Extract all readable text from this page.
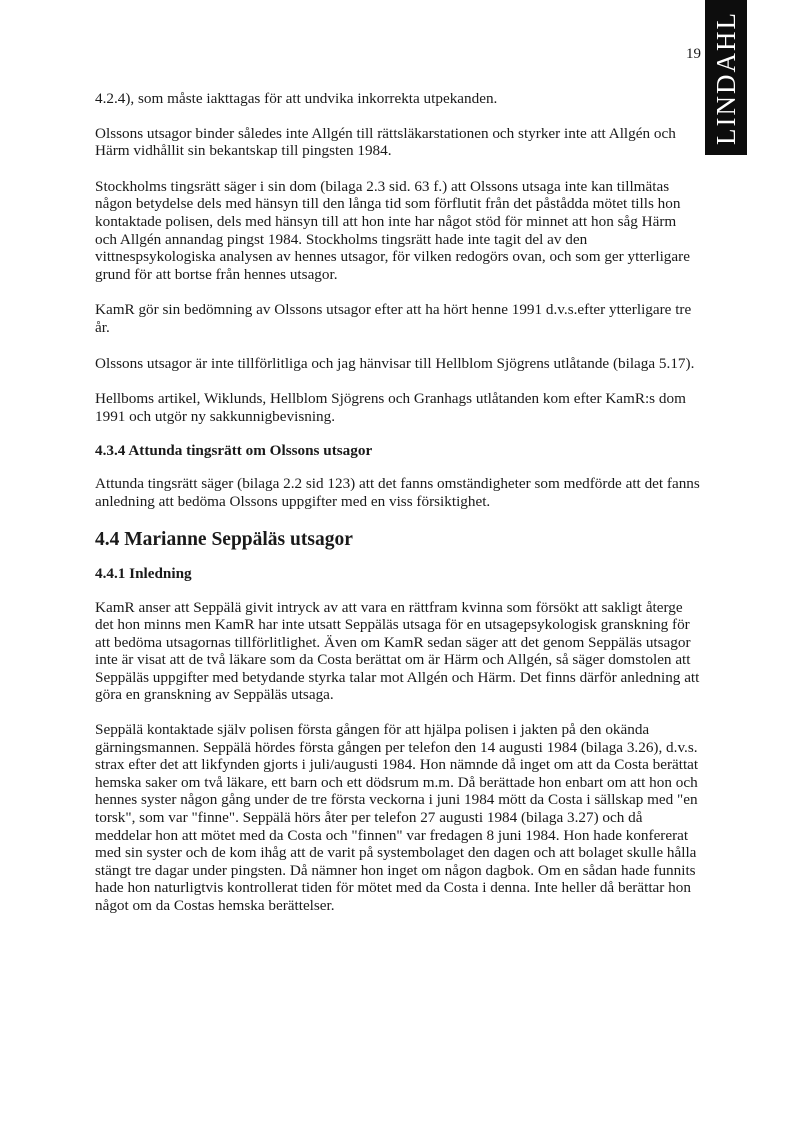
LINDAHL
19

4.2.4), som måste iakttagas för att undvika inkorrekta utpekanden.

Olssons utsagor binder således inte Allgén till rättsläkarstationen och styrker inte att Allgén och Härm vidhållit sin bekantskap till pingsten 1984.

Stockholms tingsrätt säger i sin dom (bilaga 2.3 sid. 63 f.) att Olssons utsaga inte kan tillmätas någon betydelse dels med hänsyn till den långa tid som förflutit från det påstådda mötet tills hon kontaktade polisen, dels med hänsyn till att hon inte har något stöd för minnet att hon såg Härm och Allgén annandag pingst 1984. Stockholms tingsrätt hade inte tagit del av den vittnespsykologiska analysen av hennes utsagor, för vilken redogörs ovan, och som ger ytterligare grund för att bortse från hennes utsagor.

KamR gör sin bedömning av Olssons utsagor efter att ha hört henne 1991 d.v.s.efter ytterligare tre år.

Olssons utsagor är inte tillförlitliga och jag hänvisar till Hellblom Sjögrens utlåtande (bilaga 5.17).

Hellboms artikel, Wiklunds, Hellblom Sjögrens och Granhags utlåtanden kom efter KamR:s dom 1991 och utgör ny sakkunnigbevisning.

4.3.4 Attunda tingsrätt om Olssons utsagor

Attunda tingsrätt säger (bilaga 2.2 sid 123) att det fanns omständigheter som medförde att det fanns anledning att bedöma Olssons uppgifter med en viss försiktighet.

4.4 Marianne Seppäläs utsagor
4.4.1 Inledning

KamR anser att Seppälä givit intryck av att vara en rättfram kvinna som försökt att sakligt återge det hon minns men KamR har inte utsatt Seppäläs utsaga för en utsagepsykologisk granskning för att bedöma utsagornas tillförlitlighet. Även om KamR sedan säger att det genom Seppäläs utsagor inte är visat att de två läkare som da Costa berättat om är Härm och Allgén, så säger domstolen att Seppäläs uppgifter med betydande styrka talar mot Allgén och Härm. Det finns därför anledning att göra en granskning av Seppäläs utsaga.

Seppälä kontaktade själv polisen första gången för att hjälpa polisen i jakten på den okända gärningsmannen. Seppälä hördes första gången per telefon den 14 augusti 1984 (bilaga 3.26), d.v.s. strax efter det att likfynden gjorts i juli/augusti 1984. Hon nämnde då inget om att da Costa berättat hemska saker om två läkare, ett barn och ett dödsrum m.m. Då berättade hon enbart om att hon och hennes syster någon gång under de tre första veckorna i juni 1984 mött da Costa i sällskap med "en torsk", som var "finne". Seppälä hörs åter per telefon 27 augusti 1984 (bilaga 3.27) och då meddelar hon att mötet med da Costa och "finnen" var fredagen 8 juni 1984. Hon hade konfererat med sin syster och de kom ihåg att de varit på systembolaget den dagen och att bolaget skulle hålla stängt tre dagar under pingsten. Då nämner hon inget om någon dagbok. Om en sådan hade funnits hade hon naturligtvis kontrollerat tiden för mötet med da Costa i denna. Inte heller då berättar hon något om da Costas hemska berättelser.
